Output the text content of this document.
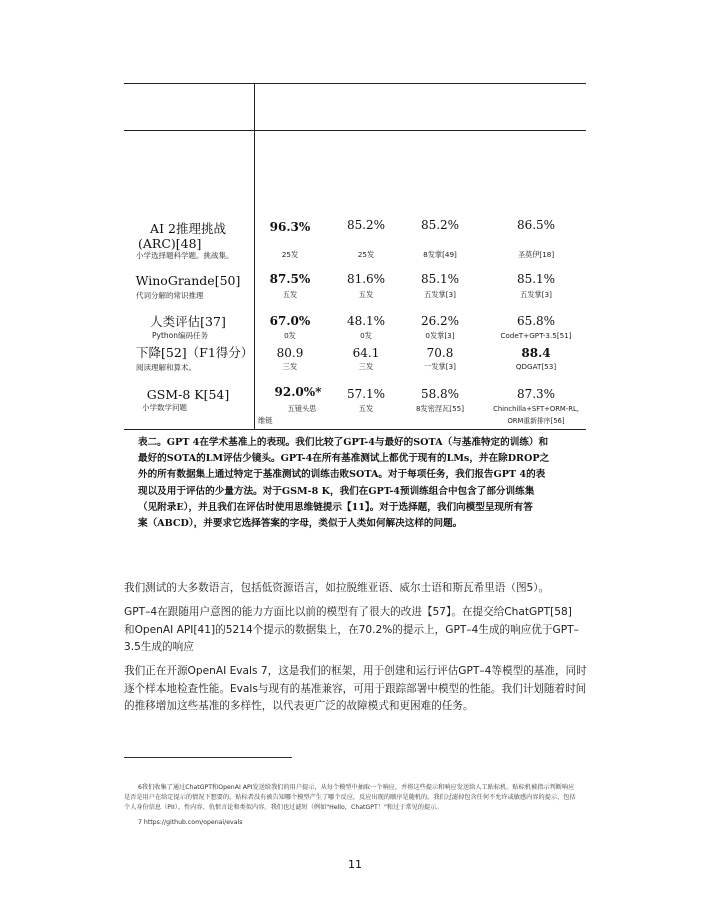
AI 2推理挑战
(ARC)[48]
小学选择题科学题。挑战集。
96.3%
25发
85.2%
25发
85.2%
8发掌[49]
86.5%
圣莫伊[18]
WinoGrande[50]
代词分解的常识推理
87.5%
五发
81.6%
五发
85.1%
五发掌[3]
85.1%
五发掌[3]
人类评估[37]
Python编码任务
67.0%
0发
48.1%
0发
26.2%
0发掌[3]
65.8%
CodeT+GPT-3.5[51]
下降[52]（F1得分）
阅读理解和算术。
80.9
三发
64.1
三发
70.8
一发掌[3]
88.4
QDGAT[53]
GSM-8 K[54]
小学数学问题
92.0%*
五镜头思
维链
57.1%
五发
58.8%
8发密涅瓦[55]
87.3%
Chinchilla+SFT+ORM-RL,
ORM重新排序[56]
表二。GPT 4在学术基准上的表现。我们比较了GPT-4与最好的SOTA（与基准特定的训练）和
最好的SOTA的LM评估少镜头。GPT-4在所有基准测试上都优于现有的LMs，并在除DROP之
外的所有数据集上通过特定于基准测试的训练击败SOTA。对于每项任务，我们报告GPT 4的表
现以及用于评估的少量方法。对于GSM-8 K，我们在GPT-4预训练组合中包含了部分训练集
（见附录E），并且我们在评估时使用思维链提示【11】。对于选择题，我们向模型呈现所有答
案（ABCD），并要求它选择答案的字母，类似于人类如何解决这样的问题。
我们测试的大多数语言，包括低资源语言，如拉脱维亚语、威尔士语和斯瓦希里语（图5）。
GPT–4在跟随用户意图的能力方面比以前的模型有了很大的改进【57】。在提交给ChatGPT[58]
和OpenAI API[41]的5214个提示的数据集上，在70.2%的提示上，GPT–4生成的响应优于GPT–
3.5生成的响应
我们正在开源OpenAI Evals 7，这是我们的框架，用于创建和运行评估GPT–4等模型的基准，同时
逐个样本地检查性能。Evals与现有的基准兼容，可用于跟踪部署中模型的性能。我们计划随着时间
的推移增加这些基准的多样性，以代表更广泛的故障模式和更困难的任务。
6我们收集了通过ChatGPT和OpenAI API发送给我们的用户提示，从每个模型中抽取一个响应，并将这些提示和响应发送给人工贴标机。贴标机被指示判断响应
是否是用户在给定提示的情况下想要的。贴标者没有被告知哪个模型产生了哪个反应，反应出现的顺序是随机的。我们过滤掉包含任何不允许或敏感内容的提示，包括
个人身份信息（PII）、性内容、仇恨言论和类似内容。我们也过滤短（例如"Hello，ChatGPT！"和过于常见的提示。
7 https://github.com/openai/evals
11
